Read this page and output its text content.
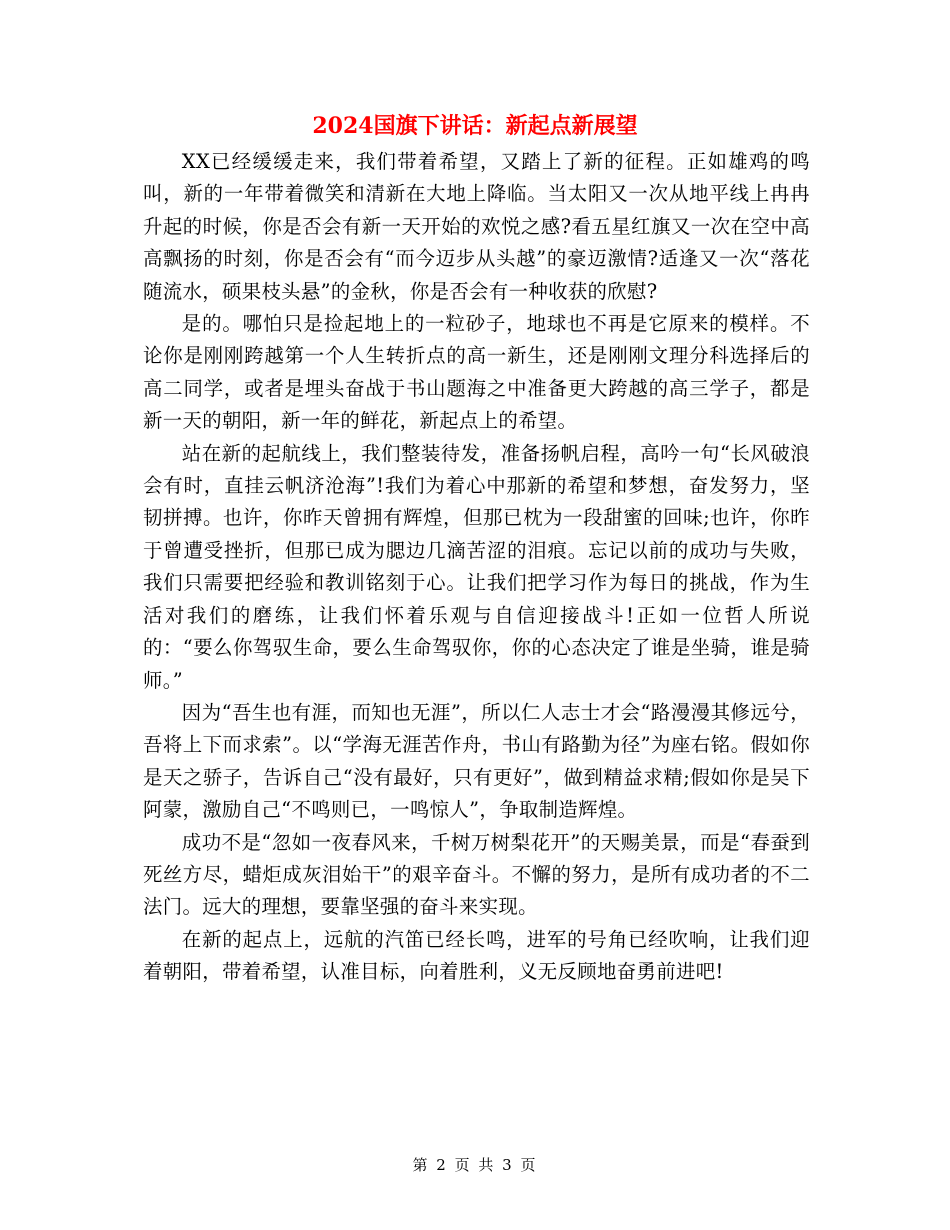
2024国旗下讲话：新起点新展望

XX已经缓缓走来，我们带着希望，又踏上了新的征程。正如雄鸡的鸣叫，新的一年带着微笑和清新在大地上降临。当太阳又一次从地平线上冉冉升起的时候，你是否会有新一天开始的欢悦之感?看五星红旗又一次在空中高高飘扬的时刻，你是否会有“而今迈步从头越”的豪迈激情?适逢又一次“落花随流水，硕果枝头悬”的金秋，你是否会有一种收获的欣慰?

是的。哪怕只是捡起地上的一粒砂子，地球也不再是它原来的模样。不论你是刚刚跨越第一个人生转折点的高一新生，还是刚刚文理分科选择后的高二同学，或者是埋头奋战于书山题海之中准备更大跨越的高三学子，都是新一天的朝阳，新一年的鲜花，新起点上的希望。

站在新的起航线上，我们整装待发，准备扬帆启程，高吟一句“长风破浪会有时，直挂云帆济沧海”!我们为着心中那新的希望和梦想，奋发努力，坚韧拼搏。也许，你昨天曾拥有辉煌，但那已枕为一段甜蜜的回味;也许，你昨于曾遭受挫折，但那已成为腮边几滴苦涩的泪痕。忘记以前的成功与失败，我们只需要把经验和教训铭刻于心。让我们把学习作为每日的挑战，作为生活对我们的磨练，让我们怀着乐观与自信迎接战斗!正如一位哲人所说的：“要么你驾驭生命，要么生命驾驭你，你的心态决定了谁是坐骑，谁是骑师。”

因为“吾生也有涯，而知也无涯”，所以仁人志士才会“路漫漫其修远兮，吾将上下而求索”。以“学海无涯苦作舟，书山有路勤为径”为座右铭。假如你是天之骄子，告诉自己“没有最好，只有更好”，做到精益求精;假如你是吴下阿蒙，激励自己“不鸣则已，一鸣惊人”，争取制造辉煌。

成功不是“忽如一夜春风来，千树万树梨花开”的天赐美景，而是“春蚕到死丝方尽，蜡炬成灰泪始干”的艰辛奋斗。不懈的努力，是所有成功者的不二法门。远大的理想，要靠坚强的奋斗来实现。

在新的起点上，远航的汽笛已经长鸣，进军的号角已经吹响，让我们迎着朝阳，带着希望，认准目标，向着胜利，义无反顾地奋勇前进吧!

第 2 页 共 3 页
